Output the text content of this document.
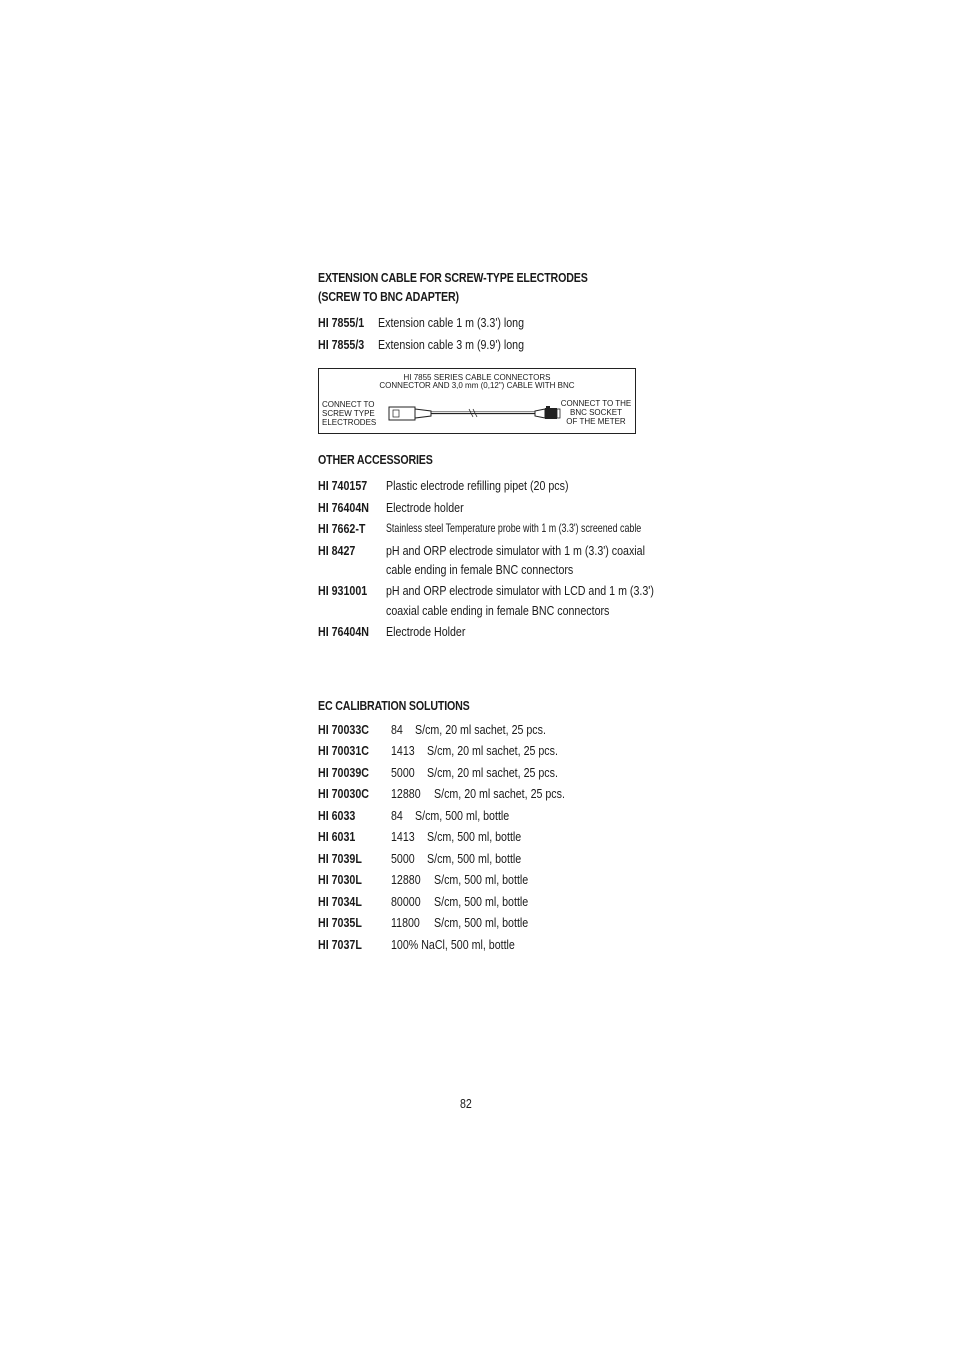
EXTENSION CABLE FOR SCREW-TYPE ELECTRODES
(SCREW TO BNC ADAPTER)
HI 7855/1 Extension cable 1 m (3.3') long
HI 7855/3 Extension cable 3 m (9.9') long
HI 7855 SERIES CABLE CONNECTORS
CONNECTOR AND 3,0 mm (0,12") CABLE WITH BNC
CONNECT TO
SCREW TYPE
ELECTRODES
CONNECT TO THE
BNC SOCKET
OF THE METER
OTHER ACCESSORIES
HI 740157 Plastic electrode refilling pipet (20 pcs)
HI 76404N Electrode holder
HI 7662-T Stainless steel Temperature probe with 1 m (3.3') screened cable
HI 8427 pH and ORP electrode simulator with 1 m (3.3') coaxial
cable ending in female BNC connectors
HI 931001 pH and ORP electrode simulator with LCD and 1 m (3.3')
coaxial cable ending in female BNC connectors
HI 76404N Electrode Holder
EC CALIBRATION SOLUTIONS
HI 70033C 84 S/cm, 20 ml sachet, 25 pcs.
HI 70031C 1413 S/cm, 20 ml sachet, 25 pcs.
HI 70039C 5000 S/cm, 20 ml sachet, 25 pcs.
HI 70030C 12880	S/cm, 20 ml sachet, 25 pcs.
HI 6033	84 S/cm, 500 ml, bottle
HI 6031	1413 S/cm, 500 ml, bottle
HI 7039L 5000 S/cm, 500 ml, bottle
HI 7030L 12880	S/cm, 500 ml, bottle
HI 7034L 80000	S/cm, 500 ml, bottle
HI 7035L 11800	S/cm, 500 ml, bottle
HI 7037L 100% NaCl, 500 ml, bottle
82
